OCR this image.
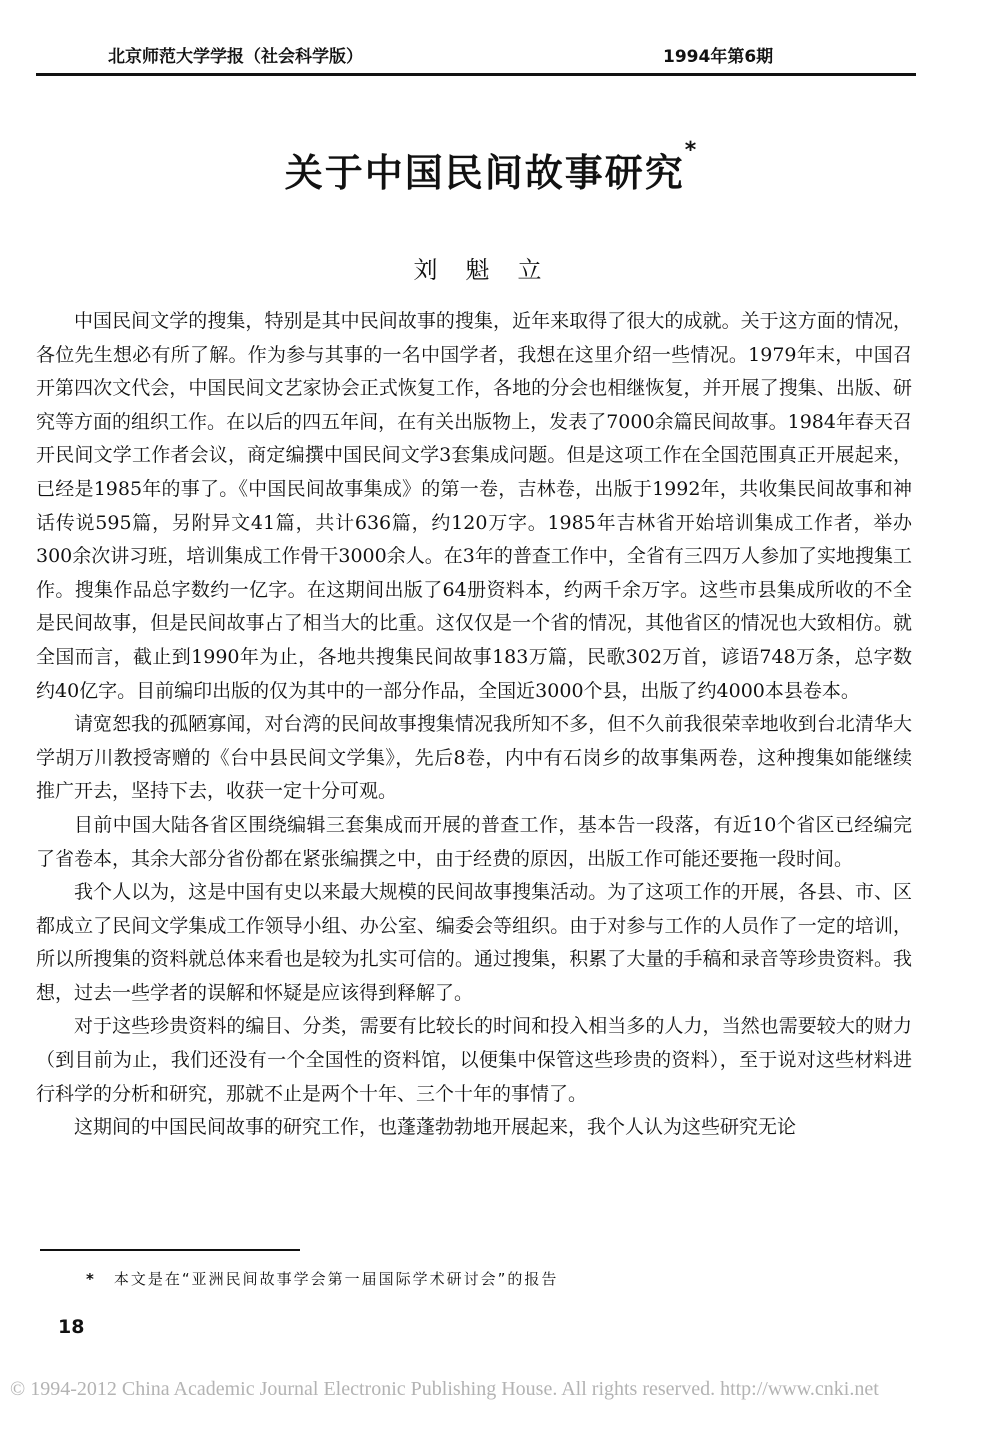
北京师范大学学报（社会科学版）	1994年第6期
关于中国民间故事研究*
刘魁立

中国民间文学的搜集，特别是其中民间故事的搜集，近年来取得了很大的成就。关于这方面的情况，各位先生想必有所了解。作为参与其事的一名中国学者，我想在这里介绍一些情况。1979年末，中国召开第四次文代会，中国民间文艺家协会正式恢复工作，各地的分会也相继恢复，并开展了搜集、出版、研究等方面的组织工作。在以后的四五年间，在有关出版物上，发表了7000余篇民间故事。1984年春天召开民间文学工作者会议，商定编撰中国民间文学3套集成问题。但是这项工作在全国范围真正开展起来，已经是1985年的事了。《中国民间故事集成》的第一卷，吉林卷，出版于1992年，共收集民间故事和神话传说595篇，另附异文41篇，共计636篇，约120万字。1985年吉林省开始培训集成工作者，举办300余次讲习班，培训集成工作骨干3000余人。在3年的普查工作中，全省有三四万人参加了实地搜集工作。搜集作品总字数约一亿字。在这期间出版了64册资料本，约两千余万字。这些市县集成所收的不全是民间故事，但是民间故事占了相当大的比重。这仅仅是一个省的情况，其他省区的情况也大致相仿。就全国而言，截止到1990年为止，各地共搜集民间故事183万篇，民歌302万首，谚语748万条，总字数约40亿字。目前编印出版的仅为其中的一部分作品，全国近3000个县，出版了约4000本县卷本。

请宽恕我的孤陋寡闻，对台湾的民间故事搜集情况我所知不多，但不久前我很荣幸地收到台北清华大学胡万川教授寄赠的《台中县民间文学集》，先后8卷，内中有石岗乡的故事集两卷，这种搜集如能继续推广开去，坚持下去，收获一定十分可观。

目前中国大陆各省区围绕编辑三套集成而开展的普查工作，基本告一段落，有近10个省区已经编完了省卷本，其余大部分省份都在紧张编撰之中，由于经费的原因，出版工作可能还要拖一段时间。

我个人以为，这是中国有史以来最大规模的民间故事搜集活动。为了这项工作的开展，各县、市、区都成立了民间文学集成工作领导小组、办公室、编委会等组织。由于对参与工作的人员作了一定的培训，所以所搜集的资料就总体来看也是较为扎实可信的。通过搜集，积累了大量的手稿和录音等珍贵资料。我想，过去一些学者的误解和怀疑是应该得到释解了。

对于这些珍贵资料的编目、分类，需要有比较长的时间和投入相当多的人力，当然也需要较大的财力（到目前为止，我们还没有一个全国性的资料馆，以便集中保管这些珍贵的资料），至于说对这些材料进行科学的分析和研究，那就不止是两个十年、三个十年的事情了。

这期间的中国民间故事的研究工作，也蓬蓬勃勃地开展起来，我个人认为这些研究无论

* 本文是在“亚洲民间故事学会第一届国际学术研讨会”的报告
18
© 1994-2012 China Academic Journal Electronic Publishing House. All rights reserved. http://www.cnki.net
